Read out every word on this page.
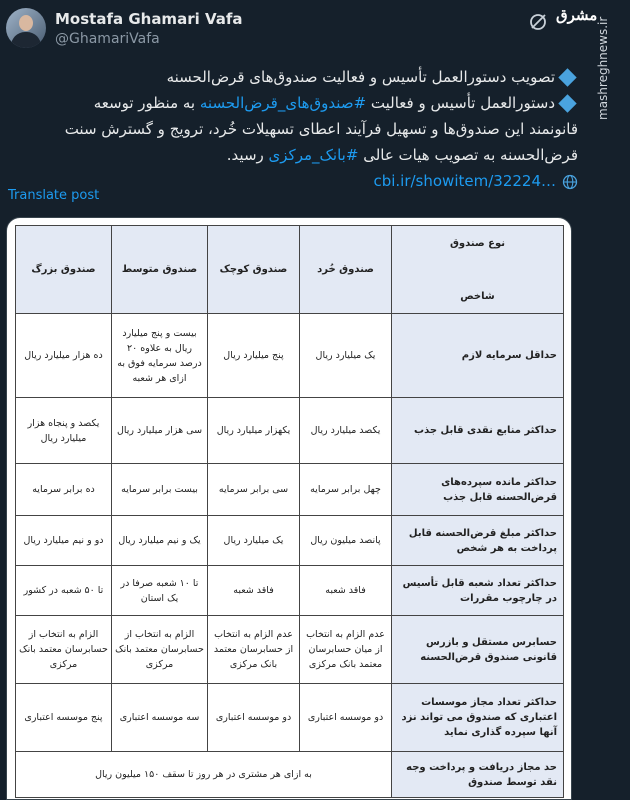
Mostafa Ghamari Vafa
@GhamariVafa
مشرق
mashreghnews.ir
تصویب دستورالعمل تأسیس و فعالیت صندوق‌های قرض‌الحسنه
دستورالعمل تأسیس و فعالیت #صندوق‌های_قرض‌الحسنه به منظور توسعه
قانونمند این صندوق‌ها و تسهیل فرآیند اعطای تسهیلات خُرد، ترویج و گسترش سنت
قرض‌الحسنه به تصویب هیات عالی #بانک_مرکزی رسید.
cbi.ir/showitem/32224…
Translate post
نوع صندوق
شاخص	صندوق خُرد	صندوق کوچک	صندوق متوسط	صندوق بزرگ
حداقل سرمایه لازم	یک میلیارد ریال	پنج میلیارد ریال	بیست و پنج میلیارد ریال به علاوه ۲۰ درصد سرمایه فوق به ازای هر شعبه	ده هزار میلیارد ریال
حداکثر منابع نقدی قابل جذب	یکصد میلیارد ریال	یکهزار میلیارد ریال	سی هزار میلیارد ریال	یکصد و پنجاه هزار میلیارد ریال
حداکثر مانده سپرده‌های قرض‌الحسنه قابل جذب	چهل برابر سرمایه	سی برابر سرمایه	بیست برابر سرمایه	ده برابر سرمایه
حداکثر مبلغ قرض‌الحسنه قابل پرداخت به هر شخص	پانصد میلیون ریال	یک میلیارد ریال	یک و نیم میلیارد ریال	دو و نیم میلیارد ریال
حداکثر تعداد شعبه قابل تأسیس در چارچوب مقررات	فاقد شعبه	فاقد شعبه	تا ۱۰ شعبه صرفا در یک استان	تا ۵۰ شعبه در کشور
حسابرس مستقل و بازرس قانونی صندوق قرض‌الحسنه	عدم الزام به انتخاب از میان حسابرسان معتمد بانک مرکزی	عدم الزام به انتخاب از حسابرسان معتمد بانک مرکزی	الزام به انتخاب از حسابرسان معتمد بانک مرکزی	الزام به انتخاب از حسابرسان معتمد بانک مرکزی
حداکثر تعداد مجاز موسسات اعتباری که صندوق می تواند نزد آنها سپرده گذاری نماید	دو موسسه اعتباری	دو موسسه اعتباری	سه موسسه اعتباری	پنج موسسه اعتباری
حد مجاز دریافت و پرداخت وجه نقد توسط صندوق	به ازای هر مشتری در هر روز تا سقف ۱۵۰ میلیون ریال			
